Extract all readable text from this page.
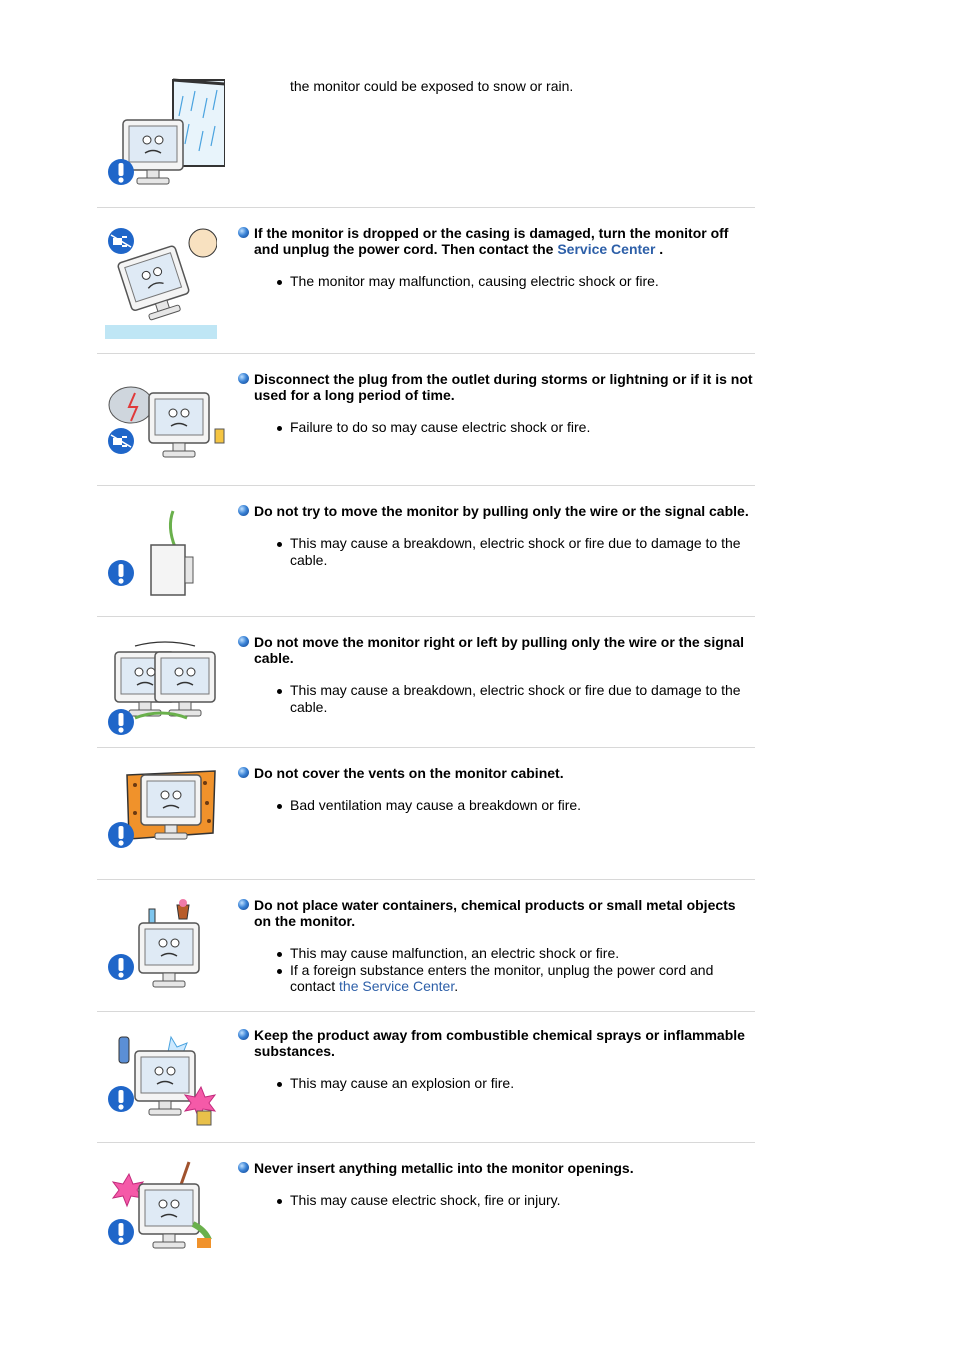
the monitor could be exposed to snow or rain.
If the monitor is dropped or the casing is damaged, turn the monitor off and unplug the power cord. Then contact the Service Center .
The monitor may malfunction, causing electric shock or fire.
Disconnect the plug from the outlet during storms or lightning or if it is not used for a long period of time.
Failure to do so may cause electric shock or fire.
Do not try to move the monitor by pulling only the wire or the signal cable.
This may cause a breakdown, electric shock or fire due to damage to the cable.
Do not move the monitor right or left by pulling only the wire or the signal cable.
This may cause a breakdown, electric shock or fire due to damage to the cable.
Do not cover the vents on the monitor cabinet.
Bad ventilation may cause a breakdown or fire.
Do not place water containers, chemical products or small metal objects on the monitor.
This may cause malfunction, an electric shock or fire.
If a foreign substance enters the monitor, unplug the power cord and contact the Service Center.
Keep the product away from combustible chemical sprays or inflammable substances.
This may cause an explosion or fire.
Never insert anything metallic into the monitor openings.
This may cause electric shock, fire or injury.
